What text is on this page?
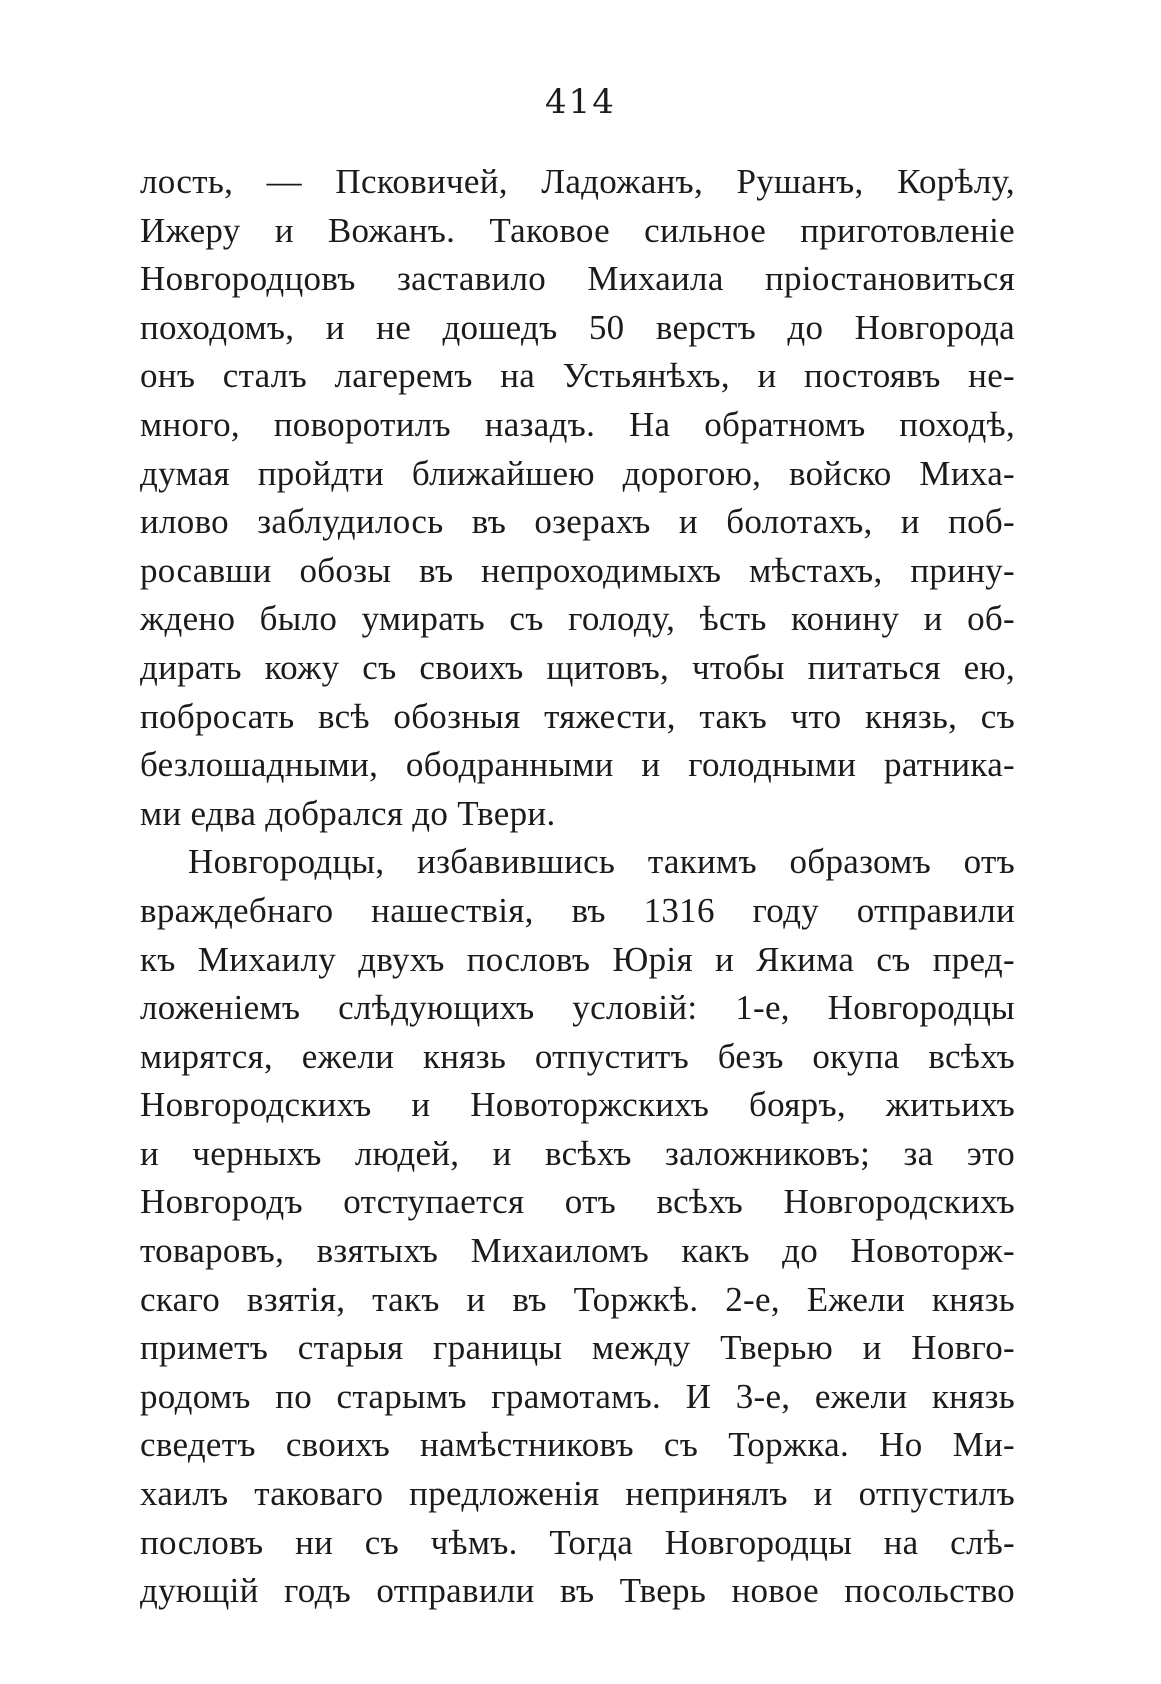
414
лость, — Псковичей, Ладожанъ, Рушанъ, Корѣлу,
Ижеру и Вожанъ. Таковое сильное приготовленіе
Новгородцовъ заставило Михаила пріостановиться
походомъ, и не дошедъ 50 верстъ до Новгорода
онъ сталъ лагеремъ на Устьянѣхъ, и постоявъ не-
много, поворотилъ назадъ. На обратномъ походѣ,
думая пройдти ближайшею дорогою, войско Миха-
илово заблудилось въ озерахъ и болотахъ, и поб-
росавши обозы въ непроходимыхъ мѣстахъ, прину-
ждено было умирать съ голоду, ѣсть конину и об-
дирать кожу съ своихъ щитовъ, чтобы питаться ею,
побросать всѣ обозныя тяжести, такъ что князь, съ
безлошадными, ободранными и голодными ратника-
ми едва добрался до Твери.
Новгородцы, избавившись такимъ образомъ отъ
враждебнаго нашествія, въ 1316 году отправили
къ Михаилу двухъ пословъ Юрія и Якима съ пред-
ложеніемъ слѣдующихъ условій: 1-е, Новгородцы
мирятся, ежели князь отпуститъ безъ окупа всѣхъ
Новгородскихъ и Новоторжскихъ бояръ, житьихъ
и черныхъ людей, и всѣхъ заложниковъ; за это
Новгородъ отступается отъ всѣхъ Новгородскихъ
товаровъ, взятыхъ Михаиломъ какъ до Новоторж-
скаго взятія, такъ и въ Торжкѣ. 2-е, Ежели князь
приметъ старыя границы между Тверью и Новго-
родомъ по старымъ грамотамъ. И 3-е, ежели князь
сведетъ своихъ намѣстниковъ съ Торжка. Но Ми-
хаилъ таковаго предложенія непринялъ и отпустилъ
пословъ ни съ чѣмъ. Тогда Новгородцы на слѣ-
дующій годъ отправили въ Тверь новое посольство
